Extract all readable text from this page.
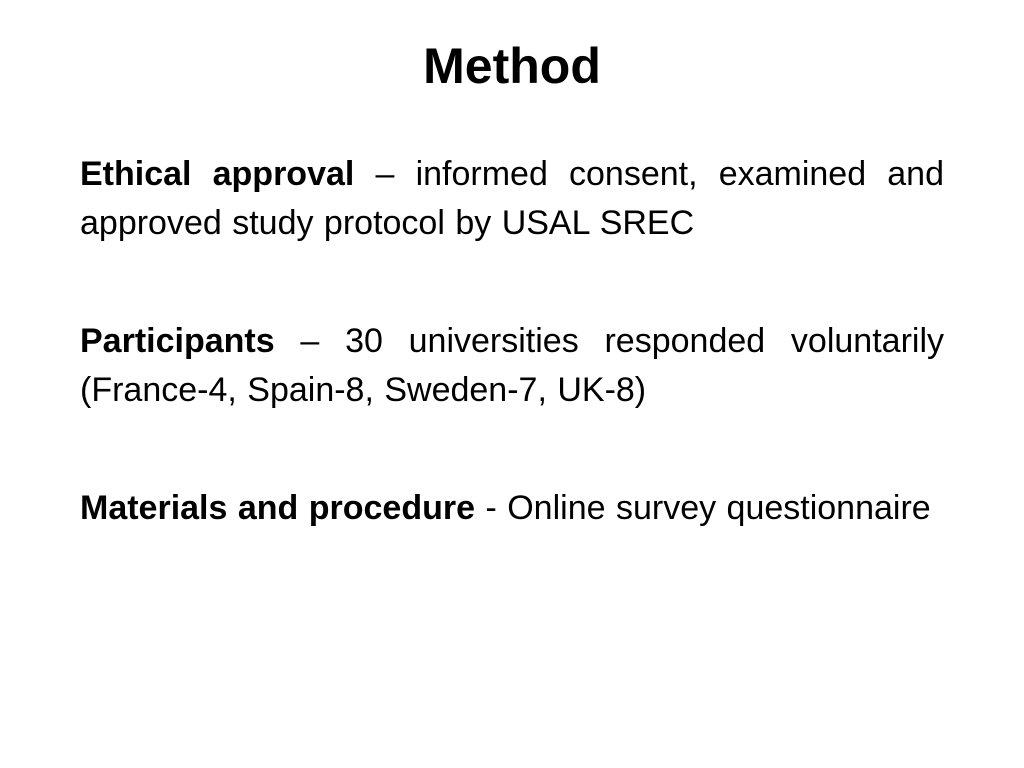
Method

Ethical approval – informed consent, examined and approved study protocol by USAL SREC

Participants – 30 universities responded voluntarily (France-4, Spain-8, Sweden-7, UK-8)

Materials and procedure - Online survey questionnaire
